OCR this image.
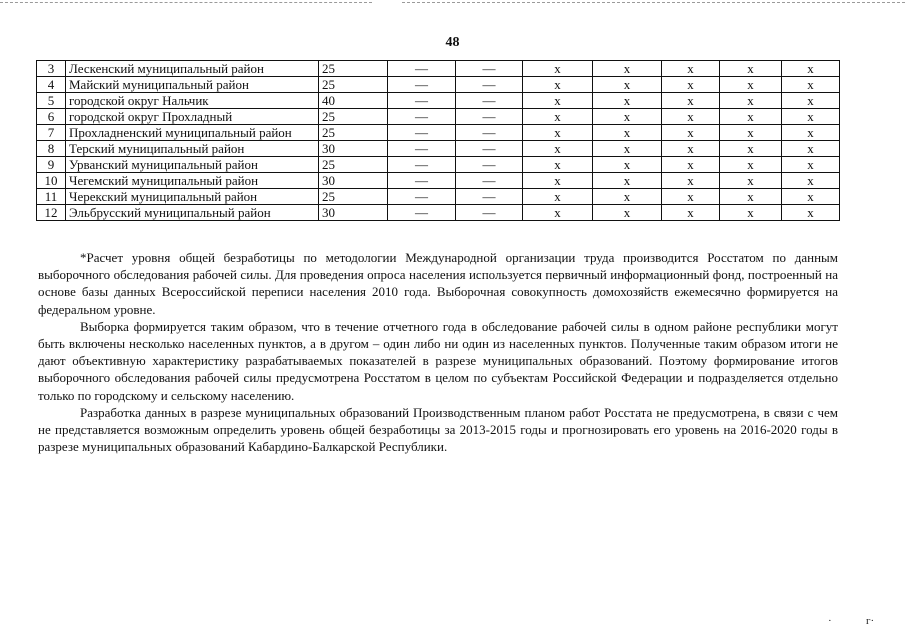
48
3	Лескенский муниципальный район	25	—	—	x	x	x	x	x
4	Майский муниципальный район	25	—	—	x	x	x	x	x
5	городской округ Нальчик	40	—	—	x	x	x	x	x
6	городской округ Прохладный	25	—	—	x	x	x	x	x
7	Прохладненский муниципальный район	25	—	—	x	x	x	x	x
8	Терский муниципальный район	30	—	—	x	x	x	x	x
9	Урванский муниципальный район	25	—	—	x	x	x	x	x
10	Чегемский муниципальный район	30	—	—	x	x	x	x	x
11	Черекский муниципальный район	25	—	—	x	x	x	x	x
12	Эльбрусский муниципальный район	30	—	—	x	x	x	x	x

*Расчет уровня общей безработицы по методологии Международной организации труда производится Росстатом по данным выборочного обследования рабочей силы. Для проведения опроса населения используется первичный информационный фонд, построенный на основе базы данных Всероссийской переписи населения 2010 года. Выборочная совокупность домохозяйств ежемесячно формируется на федеральном уровне.

Выборка формируется таким образом, что в течение отчетного года в обследование рабочей силы в одном районе республики могут быть включены несколько населенных пунктов, а в другом – один либо ни один из населенных пунктов. Полученные таким образом итоги не дают объективную характеристику разрабатываемых показателей в разрезе муниципальных образований. Поэтому формирование итогов выборочного обследования рабочей силы предусмотрена Росстатом в целом по субъектам Российской Федерации и подразделяется отдельно только по городскому и сельскому населению.

Разработка данных в разрезе муниципальных образований Производственным планом работ Росстата не предусмотрена, в связи с чем не представляется возможным определить уровень общей безработицы за 2013-2015 годы и прогнозировать его уровень на 2016-2020 годы в разрезе муниципальных образований Кабардино-Балкарской Республики.

·	г·
